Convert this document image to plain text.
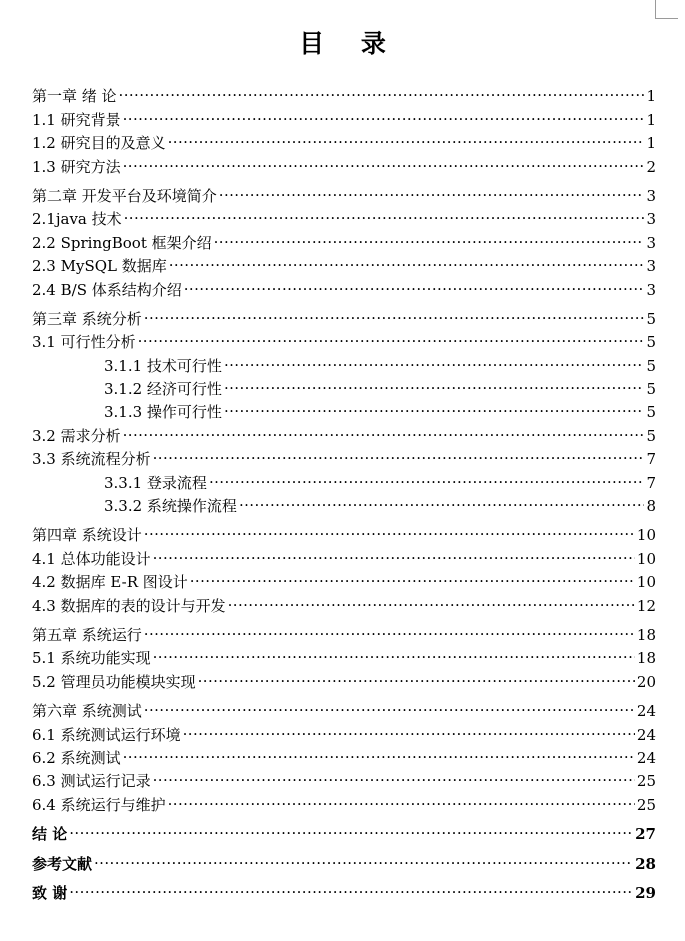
目 录
第一章 绪 论 .....	1
1.1 研究背景 .....	1
1.2 研究目的及意义 .....	1
1.3 研究方法 .....	2
第二章 开发平台及环境简介 .....	3
2.1java 技术 .....	3
2.2 SpringBoot 框架介绍 .....	3
2.3 MySQL 数据库 .....	3
2.4 B/S 体系结构介绍 .....	3
第三章 系统分析 .....	5
3.1 可行性分析 .....	5
3.1.1 技术可行性 .....	5
3.1.2 经济可行性 .....	5
3.1.3 操作可行性 .....	5
3.2 需求分析 .....	5
3.3 系统流程分析 .....	7
3.3.1 登录流程 .....	7
3.3.2 系统操作流程 .....	8
第四章 系统设计 .....	10
4.1 总体功能设计 .....	10
4.2 数据库 E-R 图设计 .....	10
4.3 数据库的表的设计与开发 .....	12
第五章 系统运行 .....	18
5.1 系统功能实现 .....	18
5.2 管理员功能模块实现 .....	20
第六章 系统测试 .....	24
6.1 系统测试运行环境 .....	24
6.2 系统测试 .....	24
6.3 测试运行记录 .....	25
6.4 系统运行与维护 .....	25
结 论 .....	27
参考文献 .....	28
致 谢 .....	29
